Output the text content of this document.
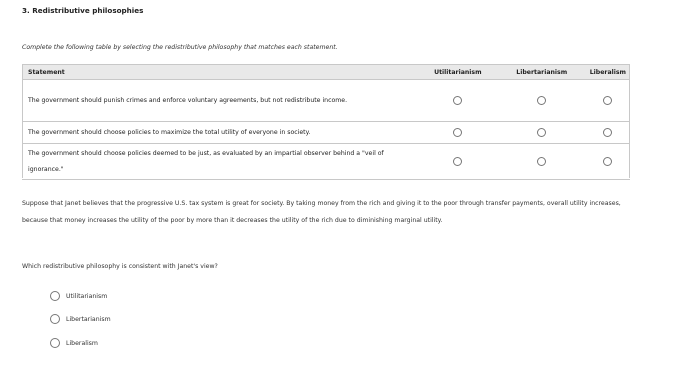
3. Redistributive philosophies
Complete the following table by selecting the redistributive philosophy that matches each statement.
Statement	Utilitarianism	Libertarianism	Liberalism
The government should punish crimes and enforce voluntary agreements, but not redistribute income.			
The government should choose policies to maximize the total utility of everyone in society.			
The government should choose policies deemed to be just, as evaluated by an impartial observer behind a "veil of ignorance."			
Suppose that Janet believes that the progressive U.S. tax system is great for society. By taking money from the rich and giving it to the poor through transfer payments, overall utility increases, because that money increases the utility of the poor by more than it decreases the utility of the rich due to diminishing marginal utility.
Which redistributive philosophy is consistent with Janet's view?
Utilitarianism
Libertarianism
Liberalism
